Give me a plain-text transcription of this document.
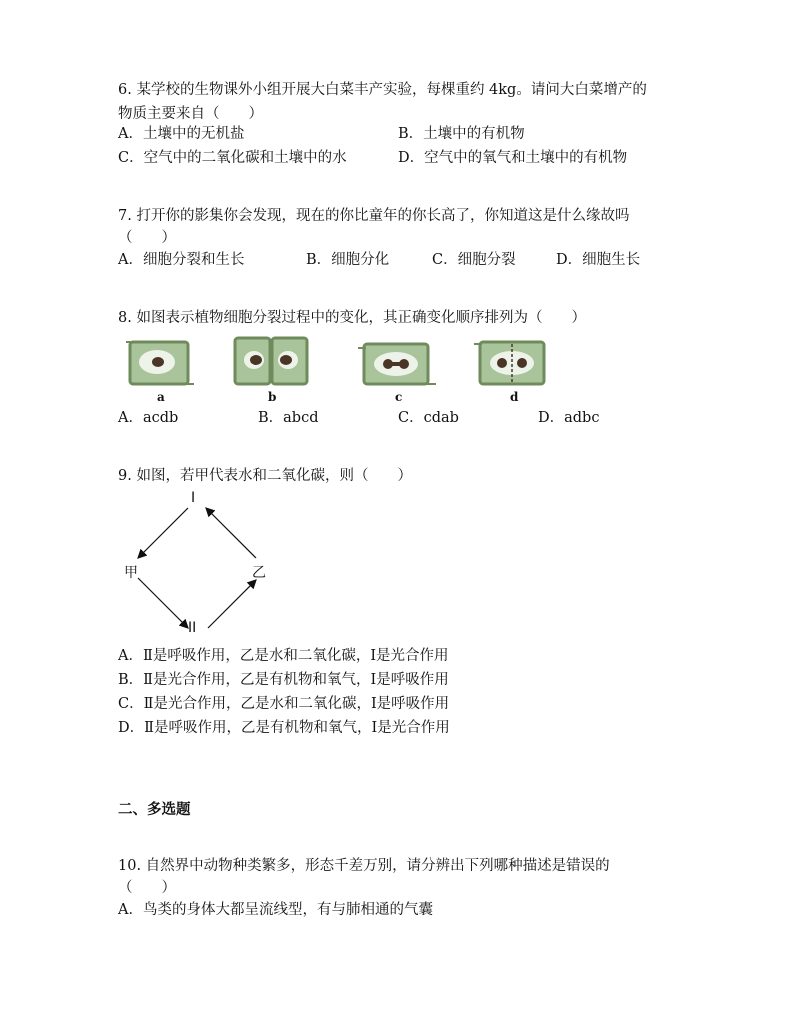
6. 某学校的生物课外小组开展大白菜丰产实验，每棵重约 4kg。请问大白菜增产的
物质主要来自（　　）
A．土壤中的无机盐	B．土壤中的有机物
C．空气中的二氧化碳和土壤中的水	D．空气中的氧气和土壤中的有机物
7. 打开你的影集你会发现，现在的你比童年的你长高了，你知道这是什么缘故吗
（　　）
A．细胞分裂和生长	B．细胞分化	C．细胞分裂	D．细胞生长
8. 如图表示植物细胞分裂过程中的变化，其正确变化顺序排列为（　　）
a	b	c	d
A．acdb	B．abcd	C．cdab	D．adbc
9. 如图，若甲代表水和二氧化碳，则（　　）
I
甲	乙
II
A．Ⅱ是呼吸作用，乙是水和二氧化碳，Ⅰ是光合作用
B．Ⅱ是光合作用，乙是有机物和氧气，Ⅰ是呼吸作用
C．Ⅱ是光合作用，乙是水和二氧化碳，Ⅰ是呼吸作用
D．Ⅱ是呼吸作用，乙是有机物和氧气，Ⅰ是光合作用
二、多选题
10. 自然界中动物种类繁多，形态千差万别，请分辨出下列哪种描述是错误的
（　　）
A．鸟类的身体大都呈流线型，有与肺相通的气囊
